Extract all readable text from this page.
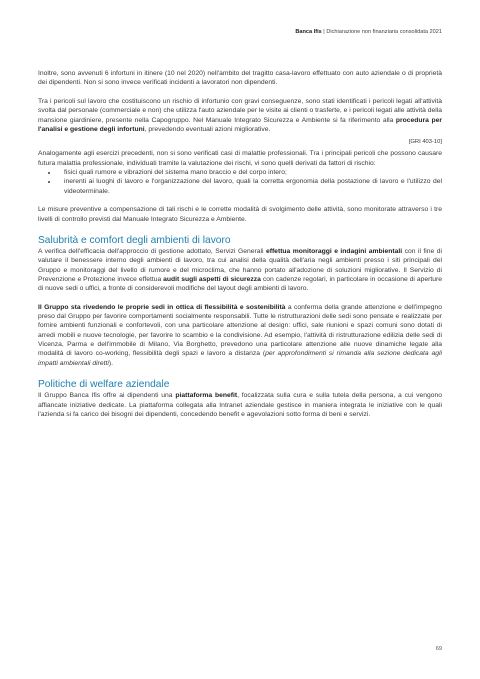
Banca Ifis | Dichiarazione non finanziaria consolidata 2021

Inoltre, sono avvenuti 6 infortuni in itinere (10 nel 2020) nell'ambito del tragitto casa-lavoro effettuato con auto aziendale o di proprietà dei dipendenti. Non si sono invece verificati incidenti a lavoratori non dipendenti.

Tra i pericoli sul lavoro che costituiscono un rischio di infortunio con gravi conseguenze, sono stati identificati i pericoli legati all'attività svolta dal personale (commerciale e non) che utilizza l'auto aziendale per le visite ai clienti o trasferte, e i pericoli legati alle attività della mansione giardiniere, presente nella Capogruppo. Nel Manuale Integrato Sicurezza e Ambiente si fa riferimento alla procedura per l'analisi e gestione degli infortuni, prevedendo eventuali azioni migliorative.

[GRI 403-10]

Analogamente agli esercizi precedenti, non si sono verificati casi di malattie professionali. Tra i principali pericoli che possono causare futura malattia professionale, individuati tramite la valutazione dei rischi, vi sono quelli derivati da fattori di rischio:

• fisici quali rumore e vibrazioni del sistema mano braccio e del corpo intero;
• inerenti ai luoghi di lavoro e l'organizzazione del lavoro, quali la corretta ergonomia della postazione di lavoro e l'utilizzo del videoterminale.

Le misure preventive a compensazione di tali rischi e le corrette modalità di svolgimento delle attività, sono monitorate attraverso i tre livelli di controllo previsti dal Manuale Integrato Sicurezza e Ambiente.

Salubrità e comfort degli ambienti di lavoro

A verifica dell'efficacia dell'approccio di gestione adottato, Servizi Generali effettua monitoraggi e indagini ambientali con il fine di valutare il benessere interno degli ambienti di lavoro, tra cui analisi della qualità dell'aria negli ambienti presso i siti principali del Gruppo e monitoraggi del livello di rumore e del microclima, che hanno portato all'adozione di soluzioni migliorative. Il Servizio di Prevenzione e Protezione invece effettua audit sugli aspetti di sicurezza con cadenze regolari, in particolare in occasione di aperture di nuove sedi o uffici, a fronte di considerevoli modifiche del layout degli ambienti di lavoro.

Il Gruppo sta rivedendo le proprie sedi in ottica di flessibilità e sostenibilità a conferma della grande attenzione e dell'impegno preso dal Gruppo per favorire comportamenti socialmente responsabili. Tutte le ristrutturazioni delle sedi sono pensate e realizzate per fornire ambienti funzionali e confortevoli, con una particolare attenzione al design: uffici, sale riunioni e spazi comuni sono dotati di arredi mobili e nuove tecnologie, per favorire lo scambio e la condivisione. Ad esempio, l'attività di ristrutturazione edilizia delle sedi di Vicenza, Parma e dell'immobile di Milano, Via Borghetto, prevedono una particolare attenzione alle nuove dinamiche legate alla modalità di lavoro co-working, flessibilità degli spazi e lavoro a distanza (per approfondimenti si rimanda alla sezione dedicata agli impatti ambientali diretti).

Politiche di welfare aziendale

Il Gruppo Banca Ifis offre ai dipendenti una piattaforma benefit, focalizzata sulla cura e sulla tutela della persona, a cui vengono affiancate iniziative dedicate. La piattaforma collegata alla Intranet aziendale gestisce in maniera integrata le iniziative con le quali l'azienda si fa carico dei bisogni dei dipendenti, concedendo benefit e agevolazioni sotto forma di beni e servizi.

69
